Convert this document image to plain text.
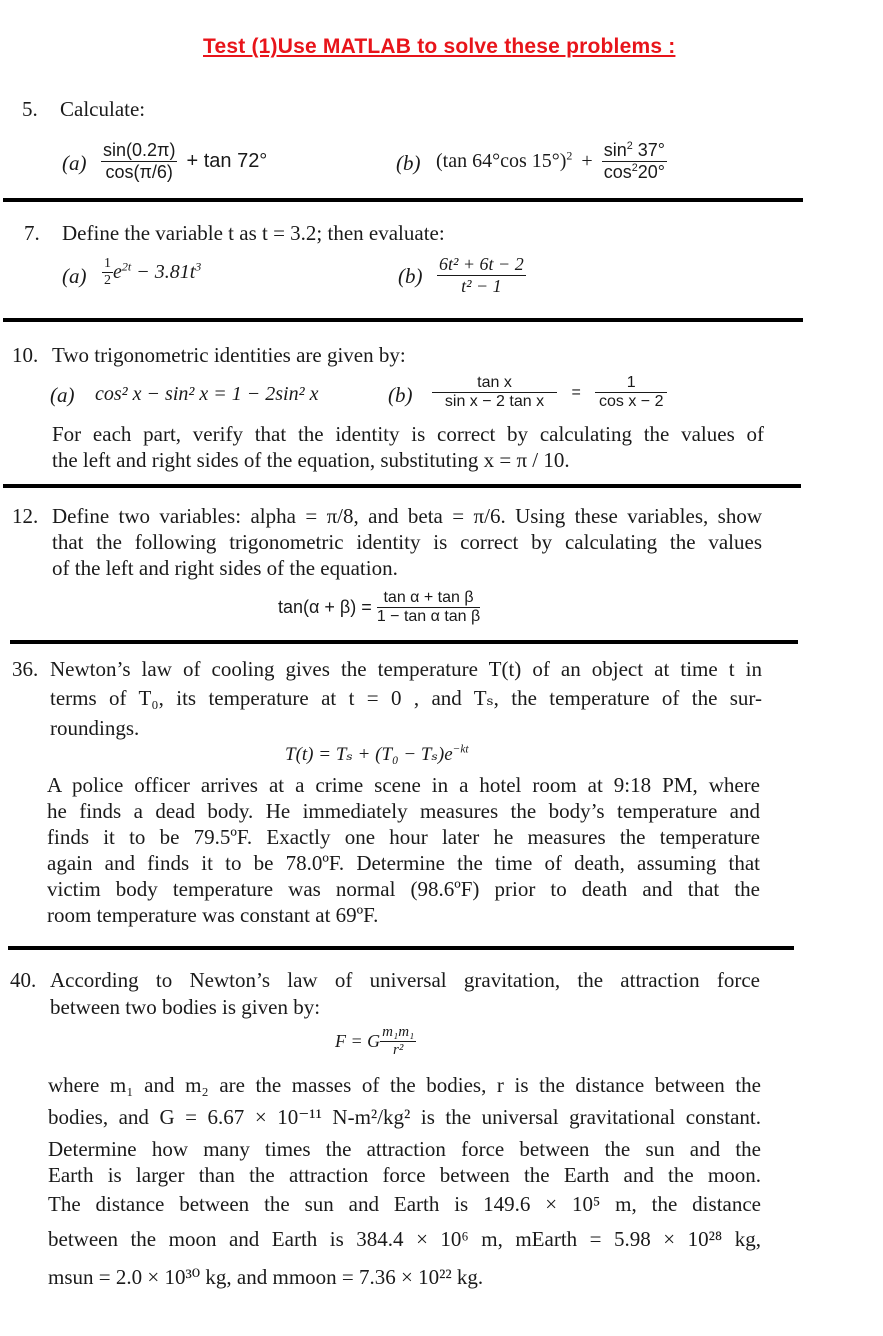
Test (1)Use MATLAB to solve these problems :
5. Calculate:
$(a) \frac{\sin(0.2\pi)}{\cos(\pi/6)} + \tan 72^\circ$	(b) (tan 64°cos $15^\circ)^2 + \frac{\sin^2 37^\circ}{\cos^220^\circ}$
7. Define the variable t as t = 3.2; then evaluate:
$(a) \frac{1}{2} e^{2t} - 3.81t^3$	$(b) \frac{\text{6t² + 6t − 2}}{\text{t² − 1}}$
10. Two trigonometric identities are given by:
(a) cos² x − sin² x = 1 − 2sin² x	$(b) \frac{\text{tan x}}{\text{sin x − 2 tan x}} = \frac{1}{\text{cos x − 2}}$
For each part, verify that the identity is correct by calculating the values of
the left and right sides of the equation, substituting x = π / 10.
12. Define two variables: alpha = π/8, and beta = π/6. Using these variables, show
that the following trigonometric identity is correct by calculating the values
of the left and right sides of the equation.
$\tan(\alpha + \beta) = \frac{\text{tan α + tan β}}{\text{1 − tan α tan β}}$
36. Newton’s law of cooling gives the temperature T(t) of an object at time t in
terms of T₀, its temperature at t = 0 , and Tₛ, the temperature of the sur-
roundings.
$T(t) = T_s + (T_0 - T_s)e^{-kt}$
A police officer arrives at a crime scene in a hotel room at 9:18 PM, where
he finds a dead body. He immediately measures the body’s temperature and
finds it to be 79.5ºF. Exactly one hour later he measures the temperature
again and finds it to be 78.0ºF. Determine the time of death, assuming that
victim body temperature was normal (98.6ºF) prior to death and that the
room temperature was constant at 69ºF.
40. According to Newton’s law of universal gravitation, the attraction force
between two bodies is given by:
F = G $\frac{\text{m₁m₁}}{\text{r²}}$
where m₁ and m₂ are the masses of the bodies, r is the distance between the
bodies, and G = 6.67 × 10⁻¹¹ N-m²/kg² is the universal gravitational constant.
Determine how many times the attraction force between the sun and the
Earth is larger than the attraction force between the Earth and the moon.
The distance between the sun and Earth is 149.6 × 10⁵ m, the distance
between the moon and Earth is 384.4 × 10⁶ m, mEarth = 5.98 × 10²⁸ kg,
msun = 2.0 × 10³⁰ kg, and mmoon = 7.36 × 10²² kg.
